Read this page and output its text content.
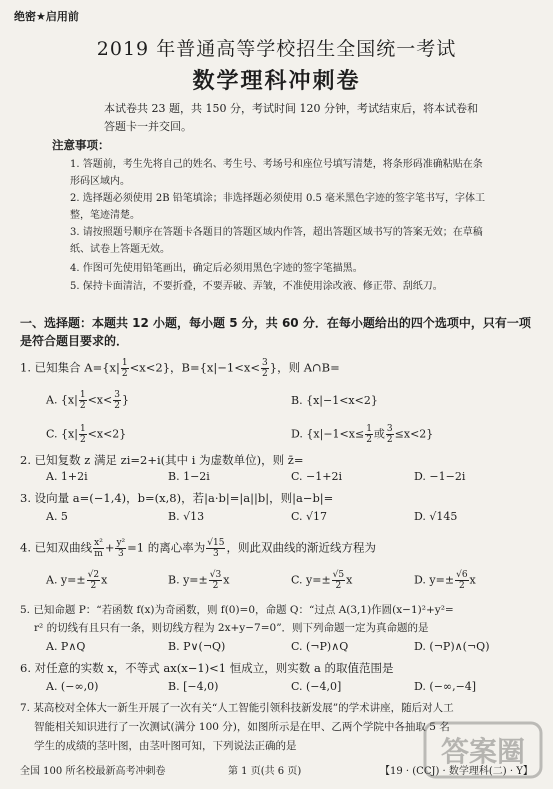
绝密★启用前
2019 年普通高等学校招生全国统一考试
数学理科冲刺卷
本试卷共 23 题，共 150 分，考试时间 120 分钟，考试结束后，将本试卷和答题卡一并交回。
注意事项：
1. 答题前，考生先将自己的姓名、考生号、考场号和座位号填写清楚，将条形码准确粘贴在条形码区域内。
2. 选择题必须使用 2B 铅笔填涂；非选择题必须使用 0.5 毫米黑色字迹的签字笔书写，字体工整，笔迹清楚。
3. 请按照题号顺序在答题卡各题目的答题区域内作答，超出答题区域书写的答案无效；在草稿纸、试卷上答题无效。
4. 作图可先使用铅笔画出，确定后必须用黑色字迹的签字笔描黑。
5. 保持卡面清洁，不要折叠，不要弄破、弄皱，不准使用涂改液、修正带、刮纸刀。
一、选择题：本题共 12 小题，每小题 5 分，共 60 分．在每小题给出的四个选项中，只有一项是符合题目要求的．
1. 已知集合 $A=\{x| \frac{1}{2} <x<2\}$，$B=\{x|-1<x< \frac{3}{2}$ }，则 A∩B=
A. {$x| \frac{1}{2} <x< \frac{3}{2}$ }	B. {x|−1<x<2}
C. $\{x| \frac{1}{2} <x<2\}$	D. {$x|-1<x\le \frac{1}{2}$ 或 $\frac{3}{2} \le x<2$}
2. 已知复数 z 满足 zi=2+i(其中 i 为虚数单位)，则 z̄=
A. 1+2i	B. 1−2i	C. −1+2i	D. −1−2i
3. 设向量 a=(−1,4)，b=(x,8)，若|a·b|=|a||b|，则|a−b|=
A. 5	B. √13	C. √17	D. √145
4. 已知双曲线 $\frac{\text{x²}}{m} + \frac{\text{y²}}{3} =1$ 的离心率为 $\frac{√15}{3}$ ，则此双曲线的渐近线方程为
A. $y=\pm \frac{√2}{2}$ x	B. $y=\pm \frac{√3}{2}$ x	C. $y=\pm \frac{√5}{2}$ x	D. $y=\pm \frac{√6}{2}$ x
5. 已知命题 P：“若函数 f(x)为奇函数，则 f(0)=0，命题 Q：“过点 A(3,1)作圆(x−1)²+y²=
r² 的切线有且只有一条，则切线方程为 2x+y−7=0”．则下列命题一定为真命题的是
A. P∧Q	B. P∨(¬Q)	C. (¬P)∧Q	D. (¬P)∧(¬Q)
6. 对任意的实数 x，不等式 ax(x−1)<1 恒成立，则实数 a 的取值范围是
A. (−∞,0)	B. [−4,0)	C. (−4,0]	D. (−∞,−4]
7. 某高校对全体大一新生开展了一次有关“人工智能引领科技新发展”的学术讲座，随后对人工
智能相关知识进行了一次测试(满分 100 分)，如图所示是在甲、乙两个学院中各抽取 5 名
学生的成绩的茎叶图，由茎叶图可知，下列说法正确的是
全国 100 所名校最新高考冲刺卷	第 1 页(共 6 页)	【19 · (CCJ) · 数学理科(二) · Y】
答案圈
